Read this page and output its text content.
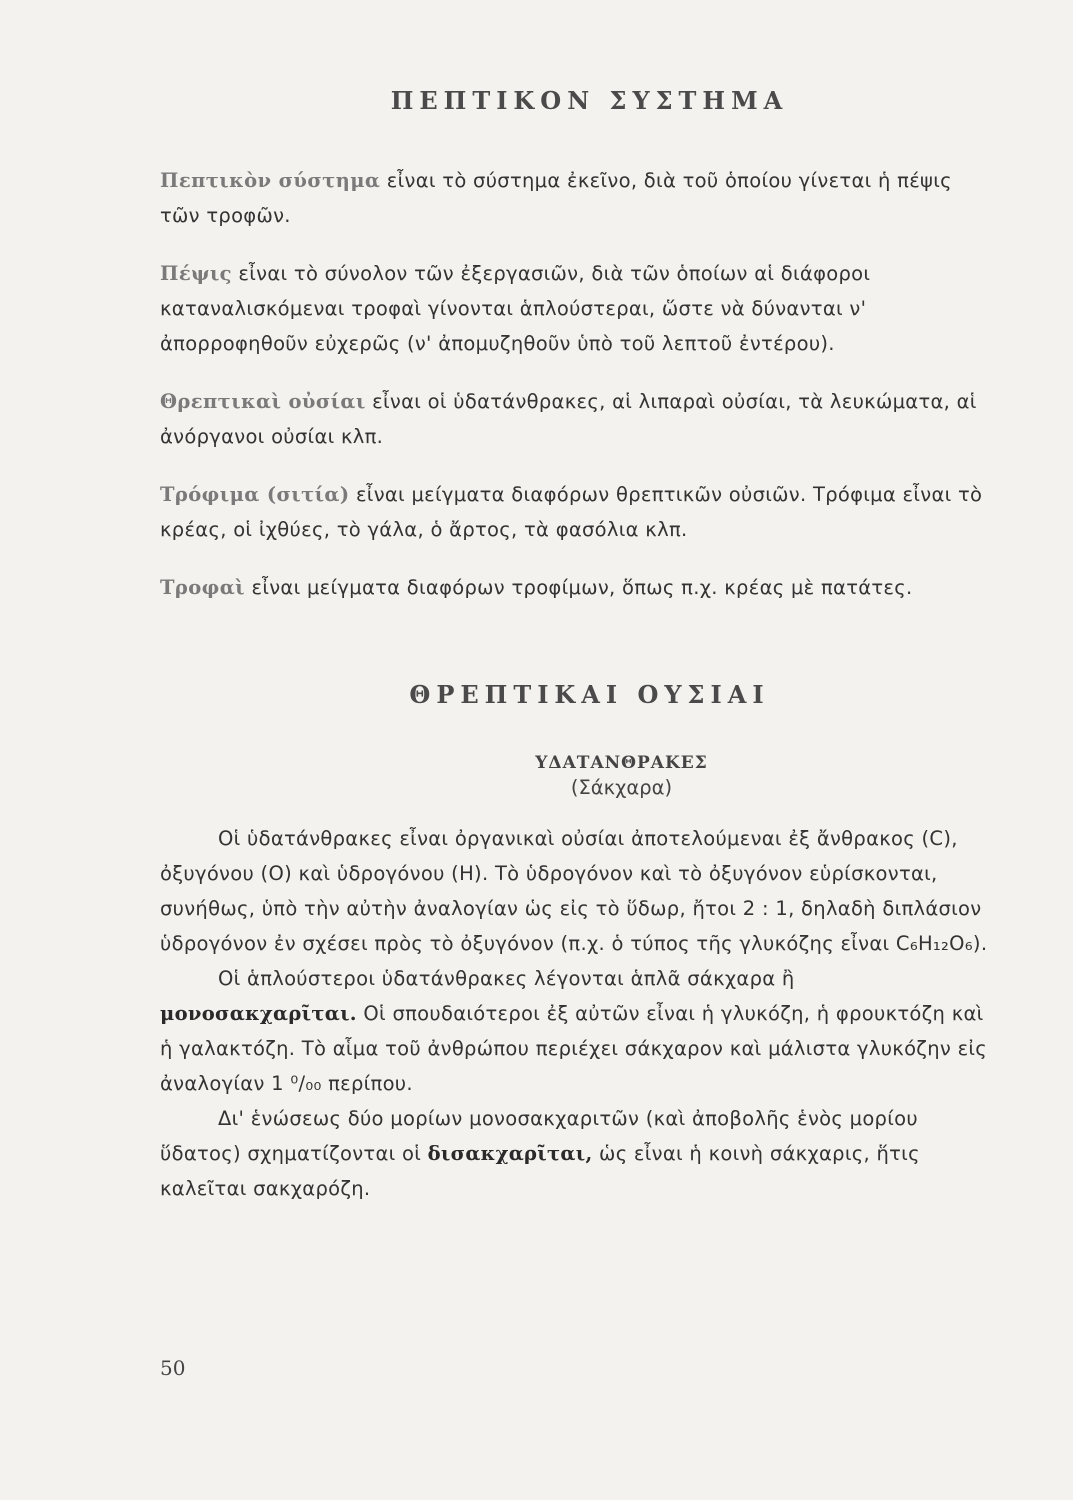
ΠΕΠΤΙΚΟΝ ΣΥΣΤΗΜΑ

Πεπτικὸν σύστημα εἶναι τὸ σύστημα ἐκεῖνο, διὰ τοῦ ὁποίου γίνεται ἡ πέψις τῶν τροφῶν.

Πέψις εἶναι τὸ σύνολον τῶν ἐξεργασιῶν, διὰ τῶν ὁποίων αἱ διάφοροι καταναλισκόμεναι τροφαὶ γίνονται ἁπλούστεραι, ὥστε νὰ δύνανται ν' ἀπορροφηθοῦν εὐχερῶς (ν' ἀπομυζηθοῦν ὑπὸ τοῦ λεπτοῦ ἐντέρου).

Θρεπτικαὶ οὐσίαι εἶναι οἱ ὑδατάνθρακες, αἱ λιπαραὶ οὐσίαι, τὰ λευκώματα, αἱ ἀνόργανοι οὐσίαι κλπ.

Τρόφιμα (σιτία) εἶναι μείγματα διαφόρων θρεπτικῶν οὐσιῶν. Τρόφιμα εἶναι τὸ κρέας, οἱ ἰχθύες, τὸ γάλα, ὁ ἄρτος, τὰ φασόλια κλπ.

Τροφαὶ εἶναι μείγματα διαφόρων τροφίμων, ὅπως π.χ. κρέας μὲ πατάτες.

ΘΡΕΠΤΙΚΑΙ ΟΥΣΙΑΙ
ΥΔΑΤΑΝΘΡΑΚΕΣ

(Σάκχαρα)

Οἱ ὑδατάνθρακες εἶναι ὀργανικαὶ οὐσίαι ἀποτελούμεναι ἐξ ἄνθρακος (C), ὀξυγόνου (O) καὶ ὑδρογόνου (H). Τὸ ὑδρογόνον καὶ τὸ ὀξυγόνον εὑρίσκονται, συνήθως, ὑπὸ τὴν αὐτὴν ἀναλογίαν ὡς εἰς τὸ ὕδωρ, ἤτοι 2 : 1, δηλαδὴ διπλάσιον ὑδρογόνον ἐν σχέσει πρὸς τὸ ὀξυγόνον (π.χ. ὁ τύπος τῆς γλυκόζης εἶναι C₆H₁₂O₆).

Οἱ ἁπλούστεροι ὑδατάνθρακες λέγονται ἁπλᾶ σάκχαρα ἢ μονοσακχαρῖται. Οἱ σπουδαιότεροι ἐξ αὐτῶν εἶναι ἡ γλυκόζη, ἡ φρουκτόζη καὶ ἡ γαλακτόζη. Τὸ αἷμα τοῦ ἀνθρώπου περιέχει σάκχαρον καὶ μάλιστα γλυκόζην εἰς ἀναλογίαν 1 ⁰/₀₀ περίπου.

Δι' ἑνώσεως δύο μορίων μονοσακχαριτῶν (καὶ ἀποβολῆς ἑνὸς μορίου ὕδατος) σχηματίζονται οἱ δισακχαρῖται, ὡς εἶναι ἡ κοινὴ σάκχαρις, ἥτις καλεῖται σακχαρόζη.

50
